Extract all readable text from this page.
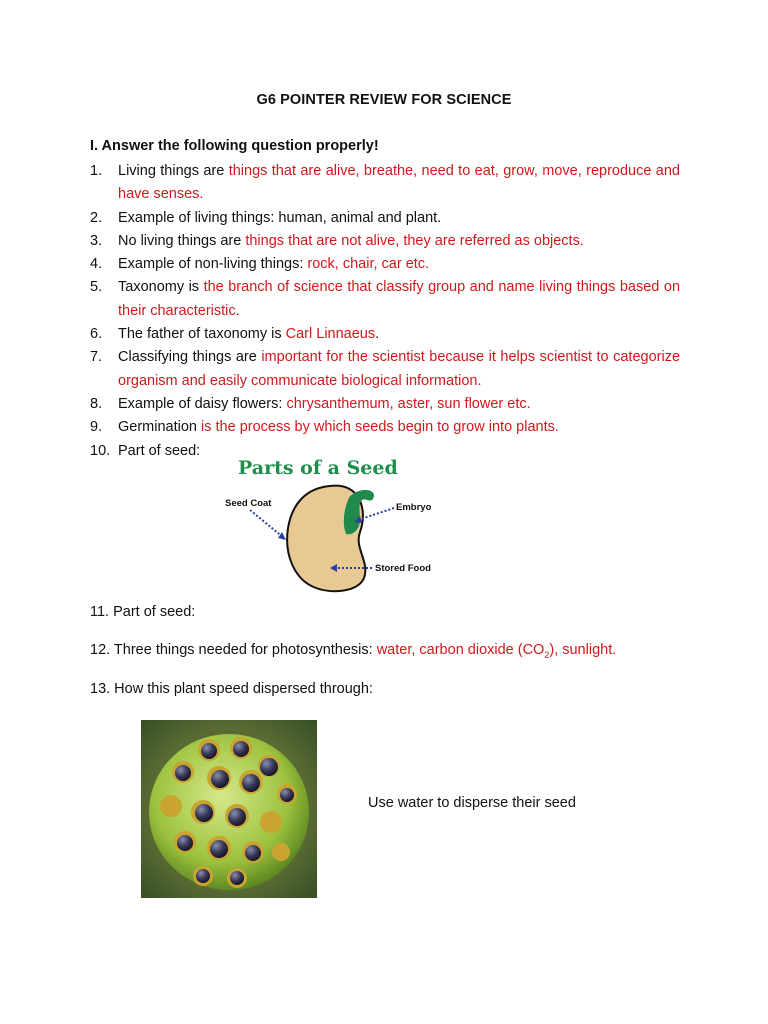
G6 POINTER REVIEW FOR SCIENCE
I. Answer the following question properly!
1.	Living things are things that are alive, breathe, need to eat, grow, move, reproduce and have senses.
2.	Example of living things: human, animal and plant.
3.	No living things are things that are not alive, they are referred as objects.
4.	Example of non-living things: rock, chair, car etc.
5.	Taxonomy is the branch of science that classify group and name living things based on their characteristic.
6.	The father of taxonomy is Carl Linnaeus.
7.	Classifying things are important for the scientist because it helps scientist to categorize organism and easily communicate biological information.
8.	Example of daisy flowers: chrysanthemum, aster, sun flower etc.
9.	Germination is the process by which seeds begin to grow into plants.
10. Part of seed:
Parts of a Seed
Seed Coat	Embryo
Stored Food
11. Part of seed:
12. Three things needed for photosynthesis: water, carbon dioxide $(CO_2)$, sunlight.
13. How this plant speed dispersed through:
Use water to disperse their seed
